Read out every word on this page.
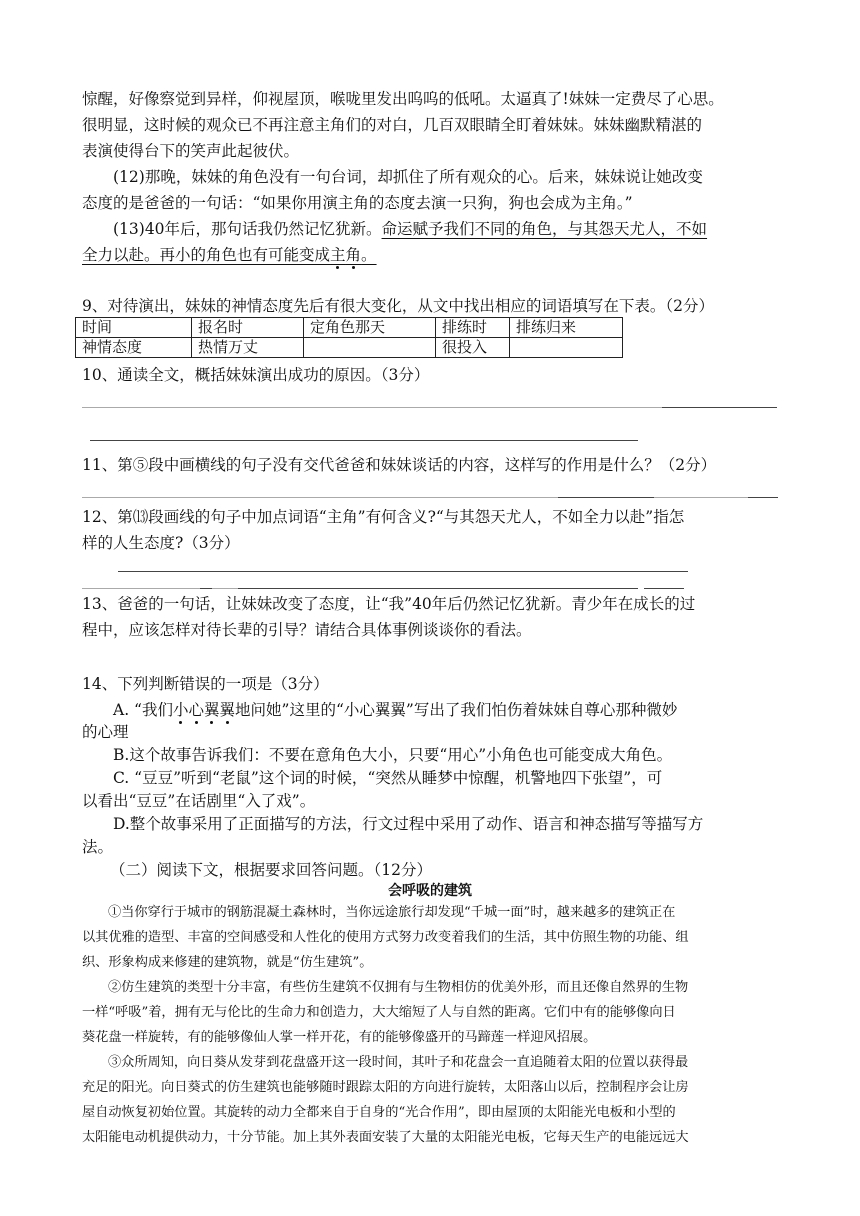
惊醒，好像察觉到异样，仰视屋顶，喉咙里发出呜呜的低吼。太逼真了!妹妹一定费尽了心思。
很明显，这时候的观众已不再注意主角们的对白，几百双眼睛全盯着妹妹。妹妹幽默精湛的
表演使得台下的笑声此起彼伏。
(12)那晚，妹妹的角色没有一句台词，却抓住了所有观众的心。后来，妹妹说让她改变
态度的是爸爸的一句话：“如果你用演主角的态度去演一只狗，狗也会成为主角。”
(13)40年后，那句话我仍然记忆犹新。命运赋予我们不同的角色，与其怨天尤人，不如
全力以赴。再小的角色也有可能变成主角。
9、对待演出，妹妹的神情态度先后有很大变化，从文中找出相应的词语填写在下表。（2分）
时间	报名时	定角色那天	排练时	排练归来
神情态度	热情万丈		很投入	
10、通读全文，概括妹妹演出成功的原因。（3分）
11、第⑤段中画横线的句子没有交代爸爸和妹妹谈话的内容，这样写的作用是什么？（2分）
12、第⒀段画线的句子中加点词语“主角”有何含义?“与其怨天尤人，不如全力以赴”指怎
样的人生态度?（3分）
13、爸爸的一句话，让妹妹改变了态度，让“我”40年后仍然记忆犹新。青少年在成长的过
程中，应该怎样对待长辈的引导？请结合具体事例谈谈你的看法。
14、下列判断错误的一项是（3分）
A. “我们小心翼翼地问她”这里的“小心翼翼”写出了我们怕伤着妹妹自尊心那种微妙
的心理
B.这个故事告诉我们：不要在意角色大小，只要“用心”小角色也可能变成大角色。
C. “豆豆”听到“老鼠”这个词的时候，“突然从睡梦中惊醒，机警地四下张望”，可
以看出“豆豆”在话剧里“入了戏”。
D.整个故事采用了正面描写的方法，行文过程中采用了动作、语言和神态描写等描写方
法。
（二）阅读下文，根据要求回答问题。（12分）
会呼吸的建筑
①当你穿行于城市的钢筋混凝土森林时，当你远途旅行却发现“千城一面”时，越来越多的建筑正在
以其优雅的造型、丰富的空间感受和人性化的使用方式努力改变着我们的生活，其中仿照生物的功能、组
织、形象构成来修建的建筑物，就是“仿生建筑”。
②仿生建筑的类型十分丰富，有些仿生建筑不仅拥有与生物相仿的优美外形，而且还像自然界的生物
一样“呼吸”着，拥有无与伦比的生命力和创造力，大大缩短了人与自然的距离。它们中有的能够像向日
葵花盘一样旋转，有的能够像仙人掌一样开花，有的能够像盛开的马蹄莲一样迎风招展。
③众所周知，向日葵从发芽到花盘盛开这一段时间，其叶子和花盘会一直追随着太阳的位置以获得最
充足的阳光。向日葵式的仿生建筑也能够随时跟踪太阳的方向进行旋转，太阳落山以后，控制程序会让房
屋自动恢复初始位置。其旋转的动力全都来自于自身的“光合作用”，即由屋顶的太阳能光电板和小型的
太阳能电动机提供动力，十分节能。加上其外表面安装了大量的太阳能光电板，它每天生产的电能远远大
